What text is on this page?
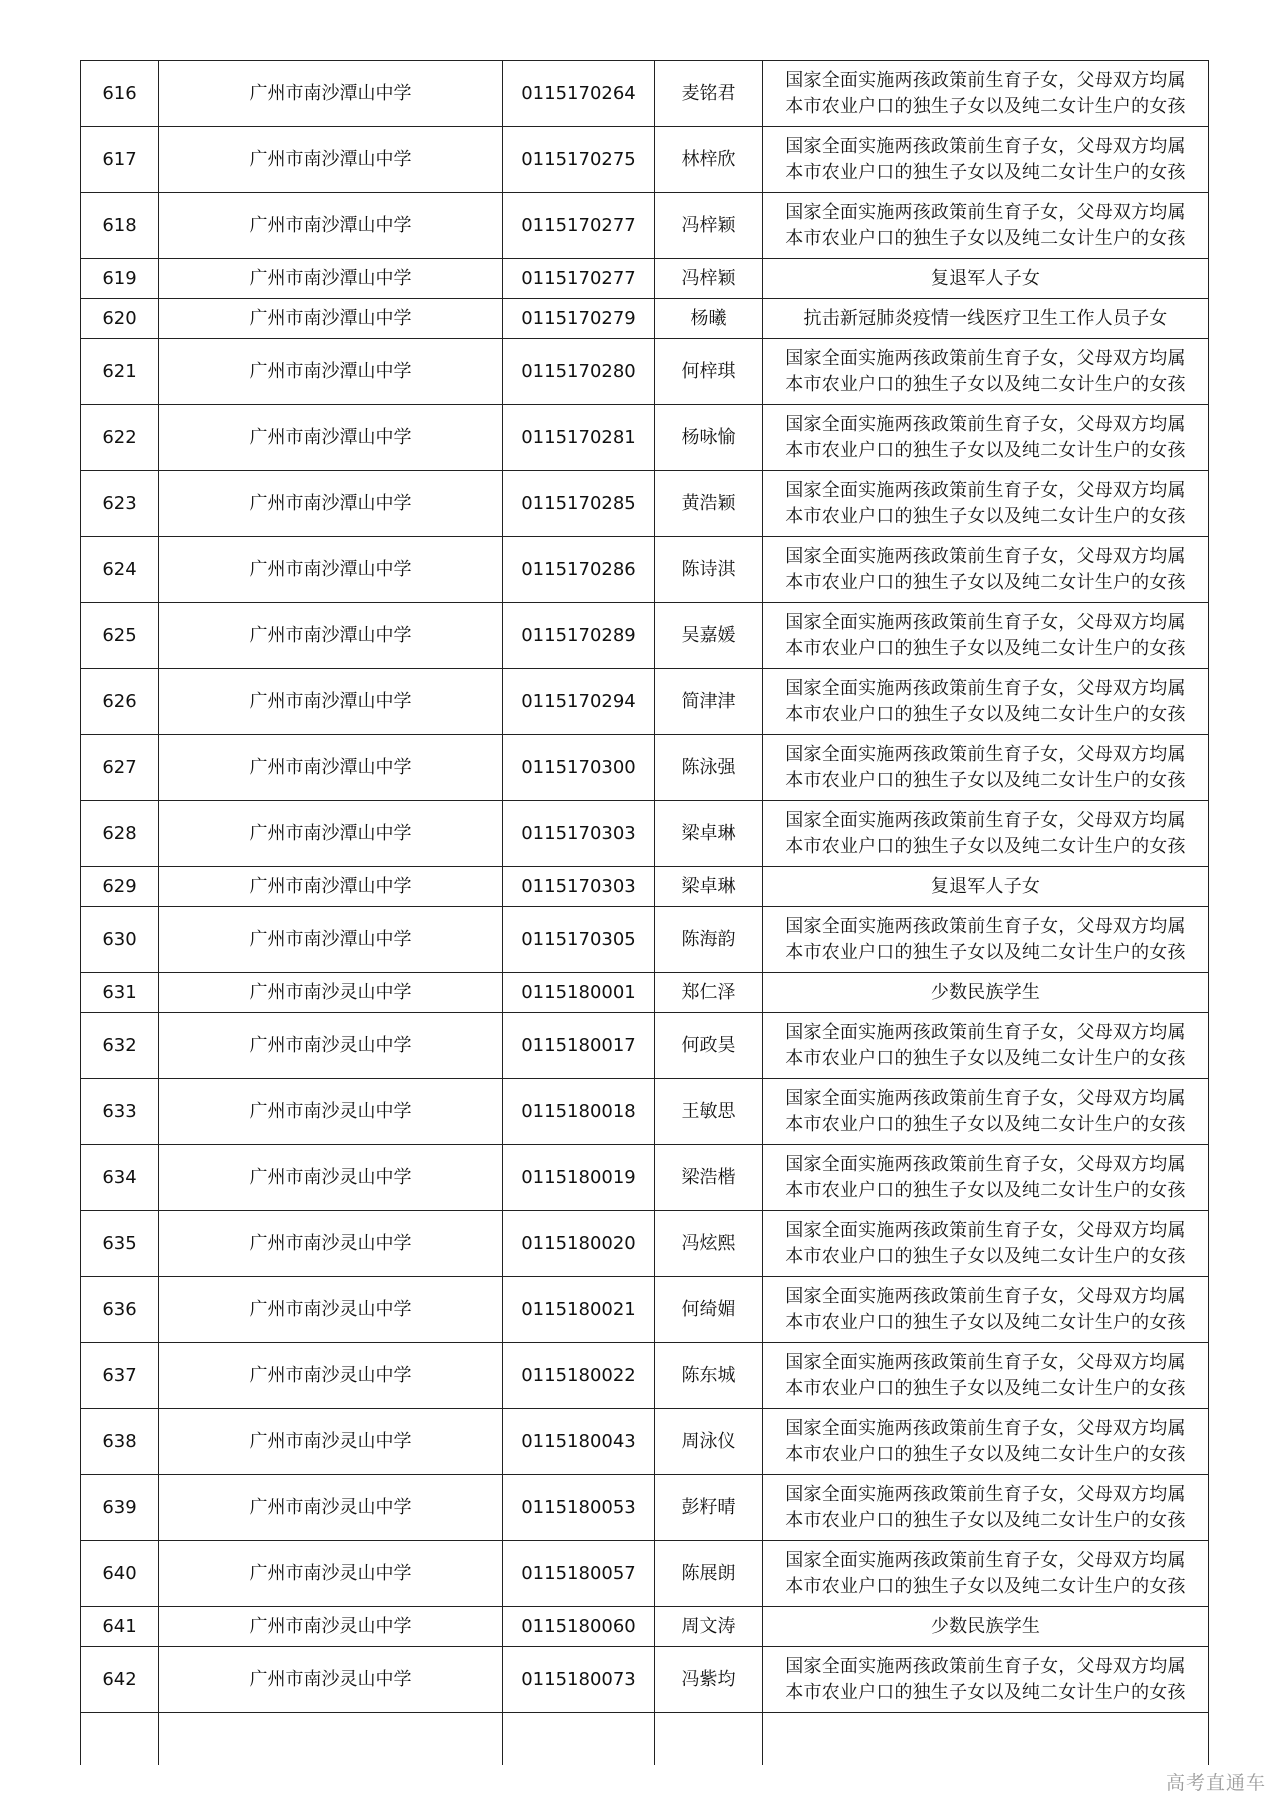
616	广州市南沙潭山中学	0115170264	麦铭君	国家全面实施两孩政策前生育子女，父母双方均属
本市农业户口的独生子女以及纯二女计生户的女孩

617	广州市南沙潭山中学	0115170275	林梓欣	国家全面实施两孩政策前生育子女，父母双方均属
本市农业户口的独生子女以及纯二女计生户的女孩

618	广州市南沙潭山中学	0115170277	冯梓颖	国家全面实施两孩政策前生育子女，父母双方均属
本市农业户口的独生子女以及纯二女计生户的女孩

619	广州市南沙潭山中学	0115170277	冯梓颖	复退军人子女

620	广州市南沙潭山中学	0115170279	杨曦	抗击新冠肺炎疫情一线医疗卫生工作人员子女

621	广州市南沙潭山中学	0115170280	何梓琪	国家全面实施两孩政策前生育子女，父母双方均属
本市农业户口的独生子女以及纯二女计生户的女孩

622	广州市南沙潭山中学	0115170281	杨咏愉	国家全面实施两孩政策前生育子女，父母双方均属
本市农业户口的独生子女以及纯二女计生户的女孩

623	广州市南沙潭山中学	0115170285	黄浩颖	国家全面实施两孩政策前生育子女，父母双方均属
本市农业户口的独生子女以及纯二女计生户的女孩

624	广州市南沙潭山中学	0115170286	陈诗淇	国家全面实施两孩政策前生育子女，父母双方均属
本市农业户口的独生子女以及纯二女计生户的女孩

625	广州市南沙潭山中学	0115170289	吴嘉媛	国家全面实施两孩政策前生育子女，父母双方均属
本市农业户口的独生子女以及纯二女计生户的女孩

626	广州市南沙潭山中学	0115170294	简津津	国家全面实施两孩政策前生育子女，父母双方均属
本市农业户口的独生子女以及纯二女计生户的女孩

627	广州市南沙潭山中学	0115170300	陈泳强	国家全面实施两孩政策前生育子女，父母双方均属
本市农业户口的独生子女以及纯二女计生户的女孩

628	广州市南沙潭山中学	0115170303	梁卓琳	国家全面实施两孩政策前生育子女，父母双方均属
本市农业户口的独生子女以及纯二女计生户的女孩

629	广州市南沙潭山中学	0115170303	梁卓琳	复退军人子女

630	广州市南沙潭山中学	0115170305	陈海韵	国家全面实施两孩政策前生育子女，父母双方均属
本市农业户口的独生子女以及纯二女计生户的女孩

631	广州市南沙灵山中学	0115180001	郑仁泽	少数民族学生

632	广州市南沙灵山中学	0115180017	何政昊	国家全面实施两孩政策前生育子女，父母双方均属
本市农业户口的独生子女以及纯二女计生户的女孩

633	广州市南沙灵山中学	0115180018	王敏思	国家全面实施两孩政策前生育子女，父母双方均属
本市农业户口的独生子女以及纯二女计生户的女孩

634	广州市南沙灵山中学	0115180019	梁浩楷	国家全面实施两孩政策前生育子女，父母双方均属
本市农业户口的独生子女以及纯二女计生户的女孩

635	广州市南沙灵山中学	0115180020	冯炫熙	国家全面实施两孩政策前生育子女，父母双方均属
本市农业户口的独生子女以及纯二女计生户的女孩

636	广州市南沙灵山中学	0115180021	何绮媚	国家全面实施两孩政策前生育子女，父母双方均属
本市农业户口的独生子女以及纯二女计生户的女孩

637	广州市南沙灵山中学	0115180022	陈东城	国家全面实施两孩政策前生育子女，父母双方均属
本市农业户口的独生子女以及纯二女计生户的女孩

638	广州市南沙灵山中学	0115180043	周泳仪	国家全面实施两孩政策前生育子女，父母双方均属
本市农业户口的独生子女以及纯二女计生户的女孩

639	广州市南沙灵山中学	0115180053	彭籽晴	国家全面实施两孩政策前生育子女，父母双方均属
本市农业户口的独生子女以及纯二女计生户的女孩

640	广州市南沙灵山中学	0115180057	陈展朗	国家全面实施两孩政策前生育子女，父母双方均属
本市农业户口的独生子女以及纯二女计生户的女孩

641	广州市南沙灵山中学	0115180060	周文涛	少数民族学生

642	广州市南沙灵山中学	0115180073	冯紫均	国家全面实施两孩政策前生育子女，父母双方均属
本市农业户口的独生子女以及纯二女计生户的女孩

高考直通车
